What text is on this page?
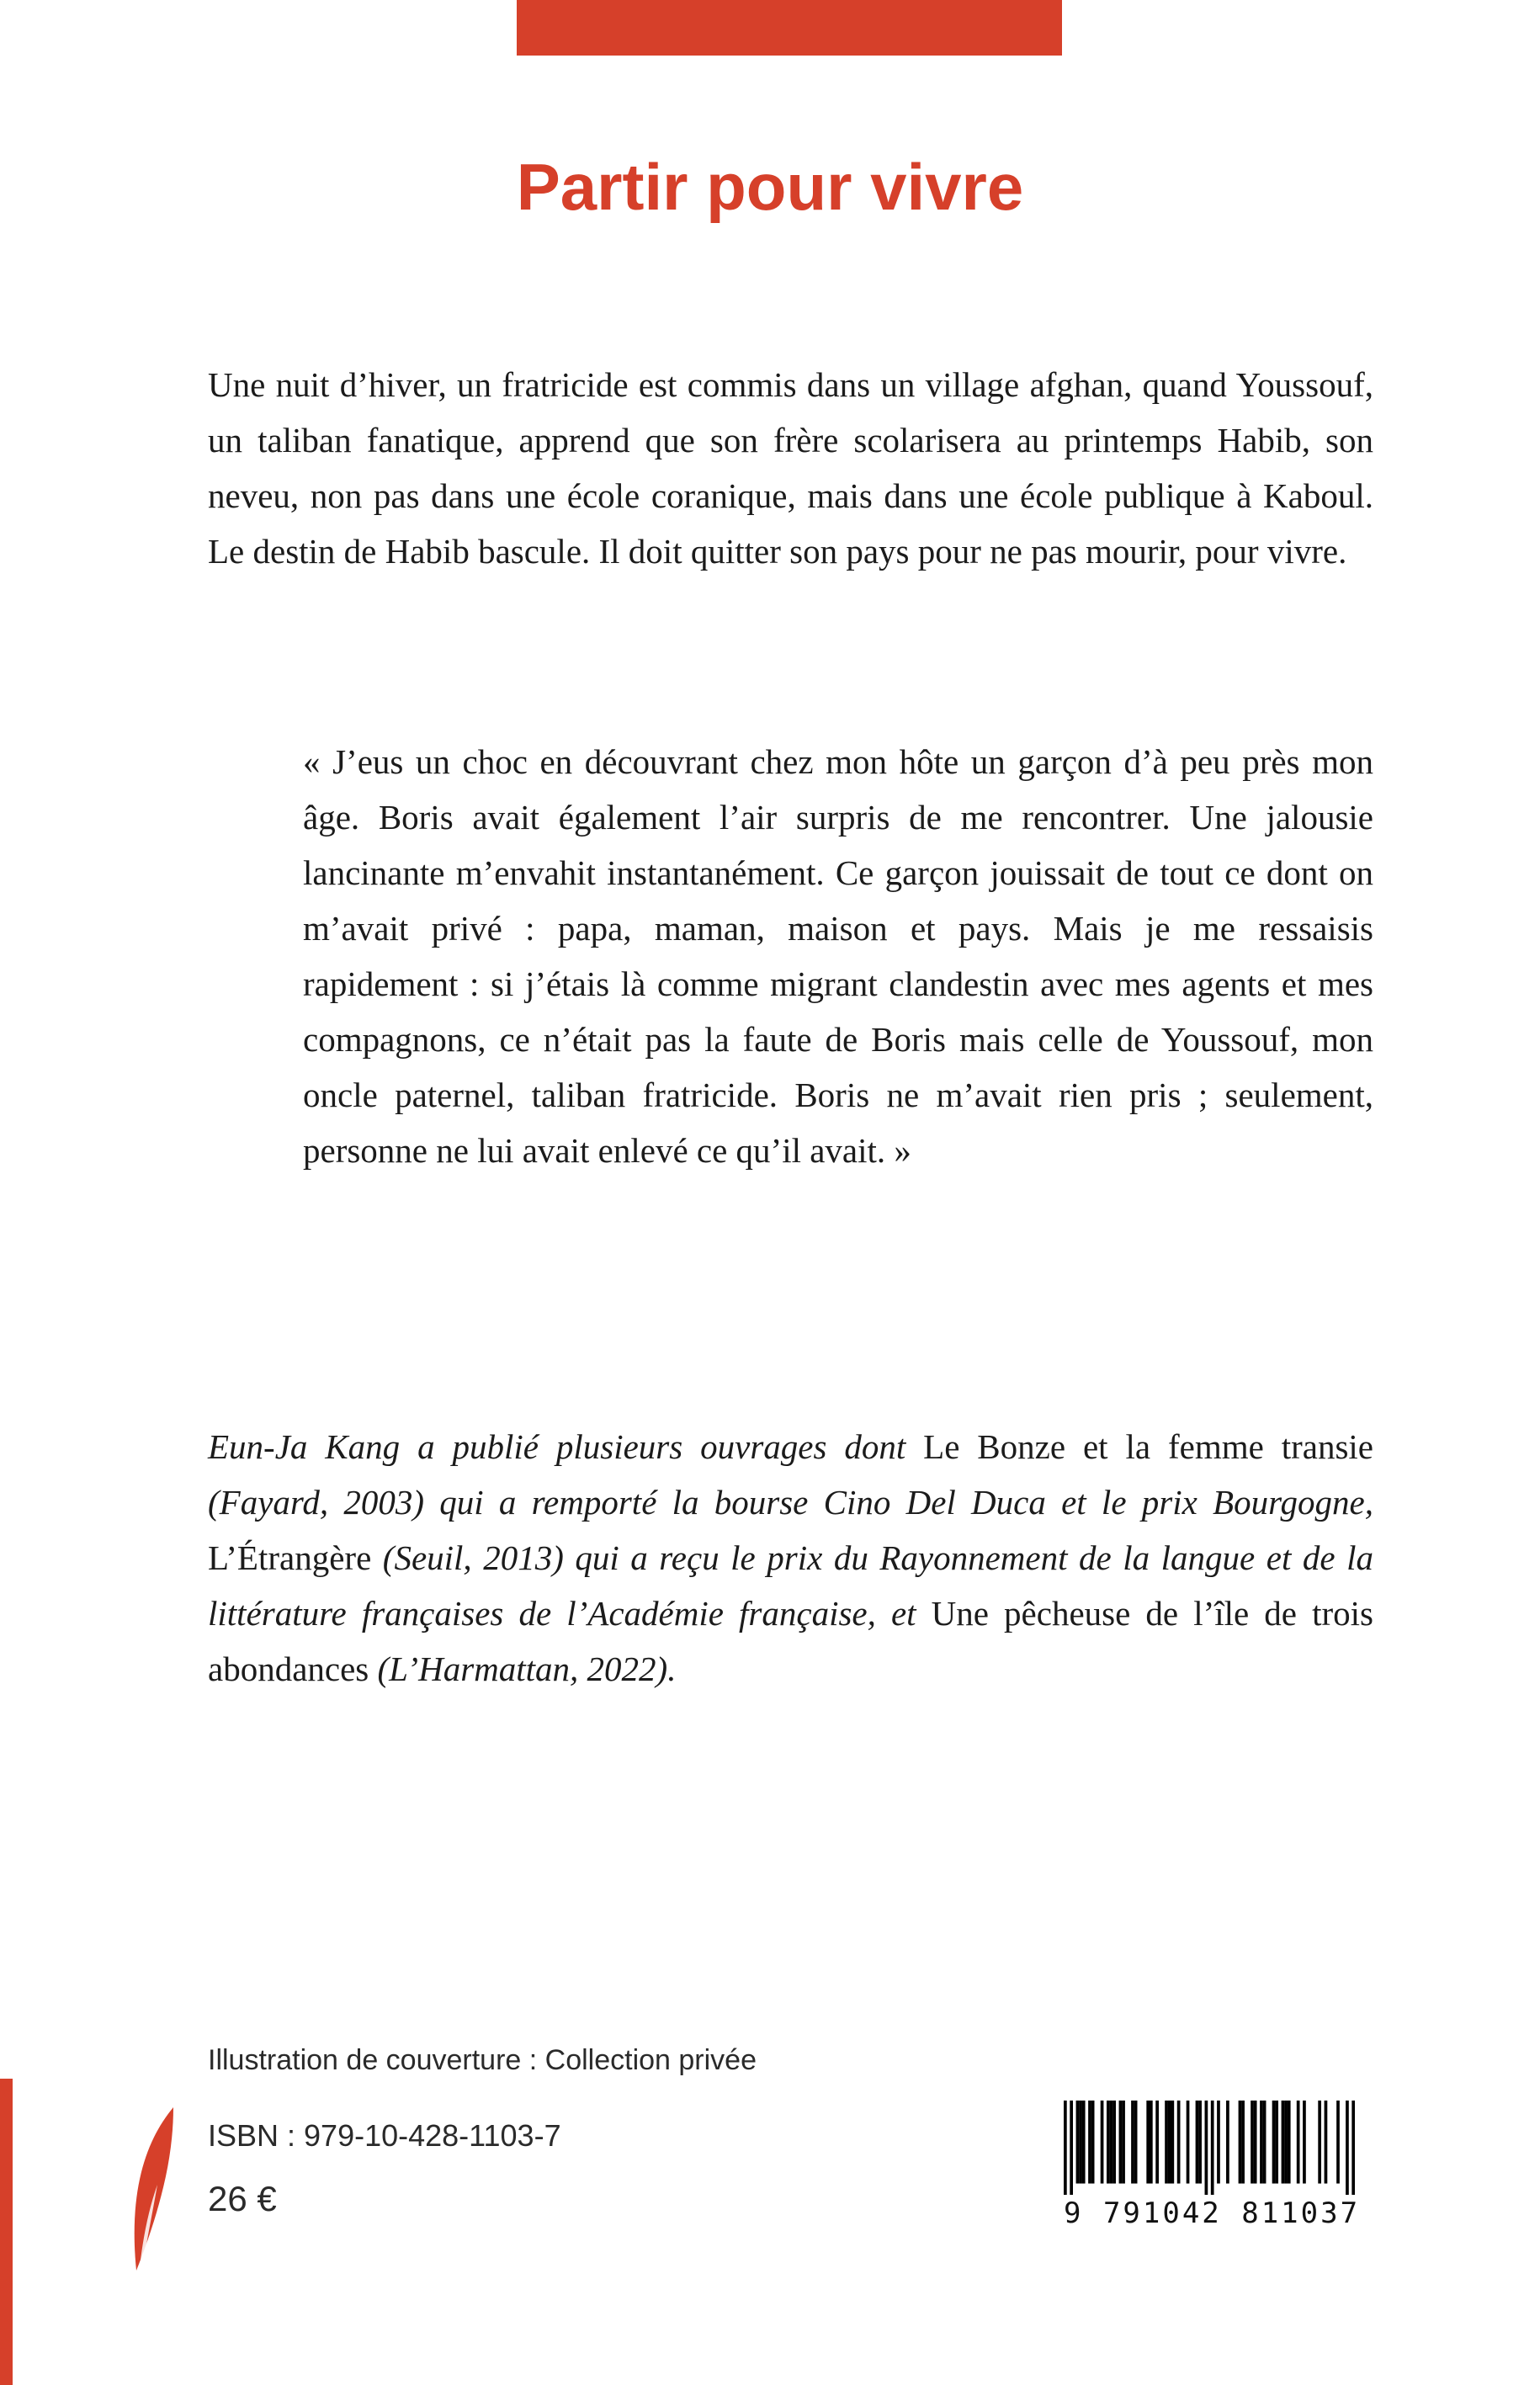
Partir pour vivre

Une nuit d’hiver, un fratricide est commis dans un village afghan, quand Youssouf, un taliban fanatique, apprend que son frère scolarisera au printemps Habib, son neveu, non pas dans une école coranique, mais dans une école publique à Kaboul. Le destin de Habib bascule. Il doit quitter son pays pour ne pas mourir, pour vivre.

« J’eus un choc en découvrant chez mon hôte un garçon d’à peu près mon âge. Boris avait également l’air surpris de me rencontrer. Une jalousie lancinante m’envahit instantanément. Ce garçon jouissait de tout ce dont on m’avait privé : papa, maman, maison et pays. Mais je me ressaisis rapidement : si j’étais là comme migrant clandestin avec mes agents et mes compagnons, ce n’était pas la faute de Boris mais celle de Youssouf, mon oncle paternel, taliban fratricide. Boris ne m’avait rien pris ; seulement, personne ne lui avait enlevé ce qu’il avait. »

Eun-Ja Kang a publié plusieurs ouvrages dont Le Bonze et la femme transie (Fayard, 2003) qui a remporté la bourse Cino Del Duca et le prix Bourgogne, L’Étrangère (Seuil, 2013) qui a reçu le prix du Rayonnement de la langue et de la littérature françaises de l’Académie française, et Une pêcheuse de l’île de trois abondances (L’Harmattan, 2022).

Illustration de couverture : Collection privée
ISBN : 979-10-428-1103-7
26 €	9 791042 811037
